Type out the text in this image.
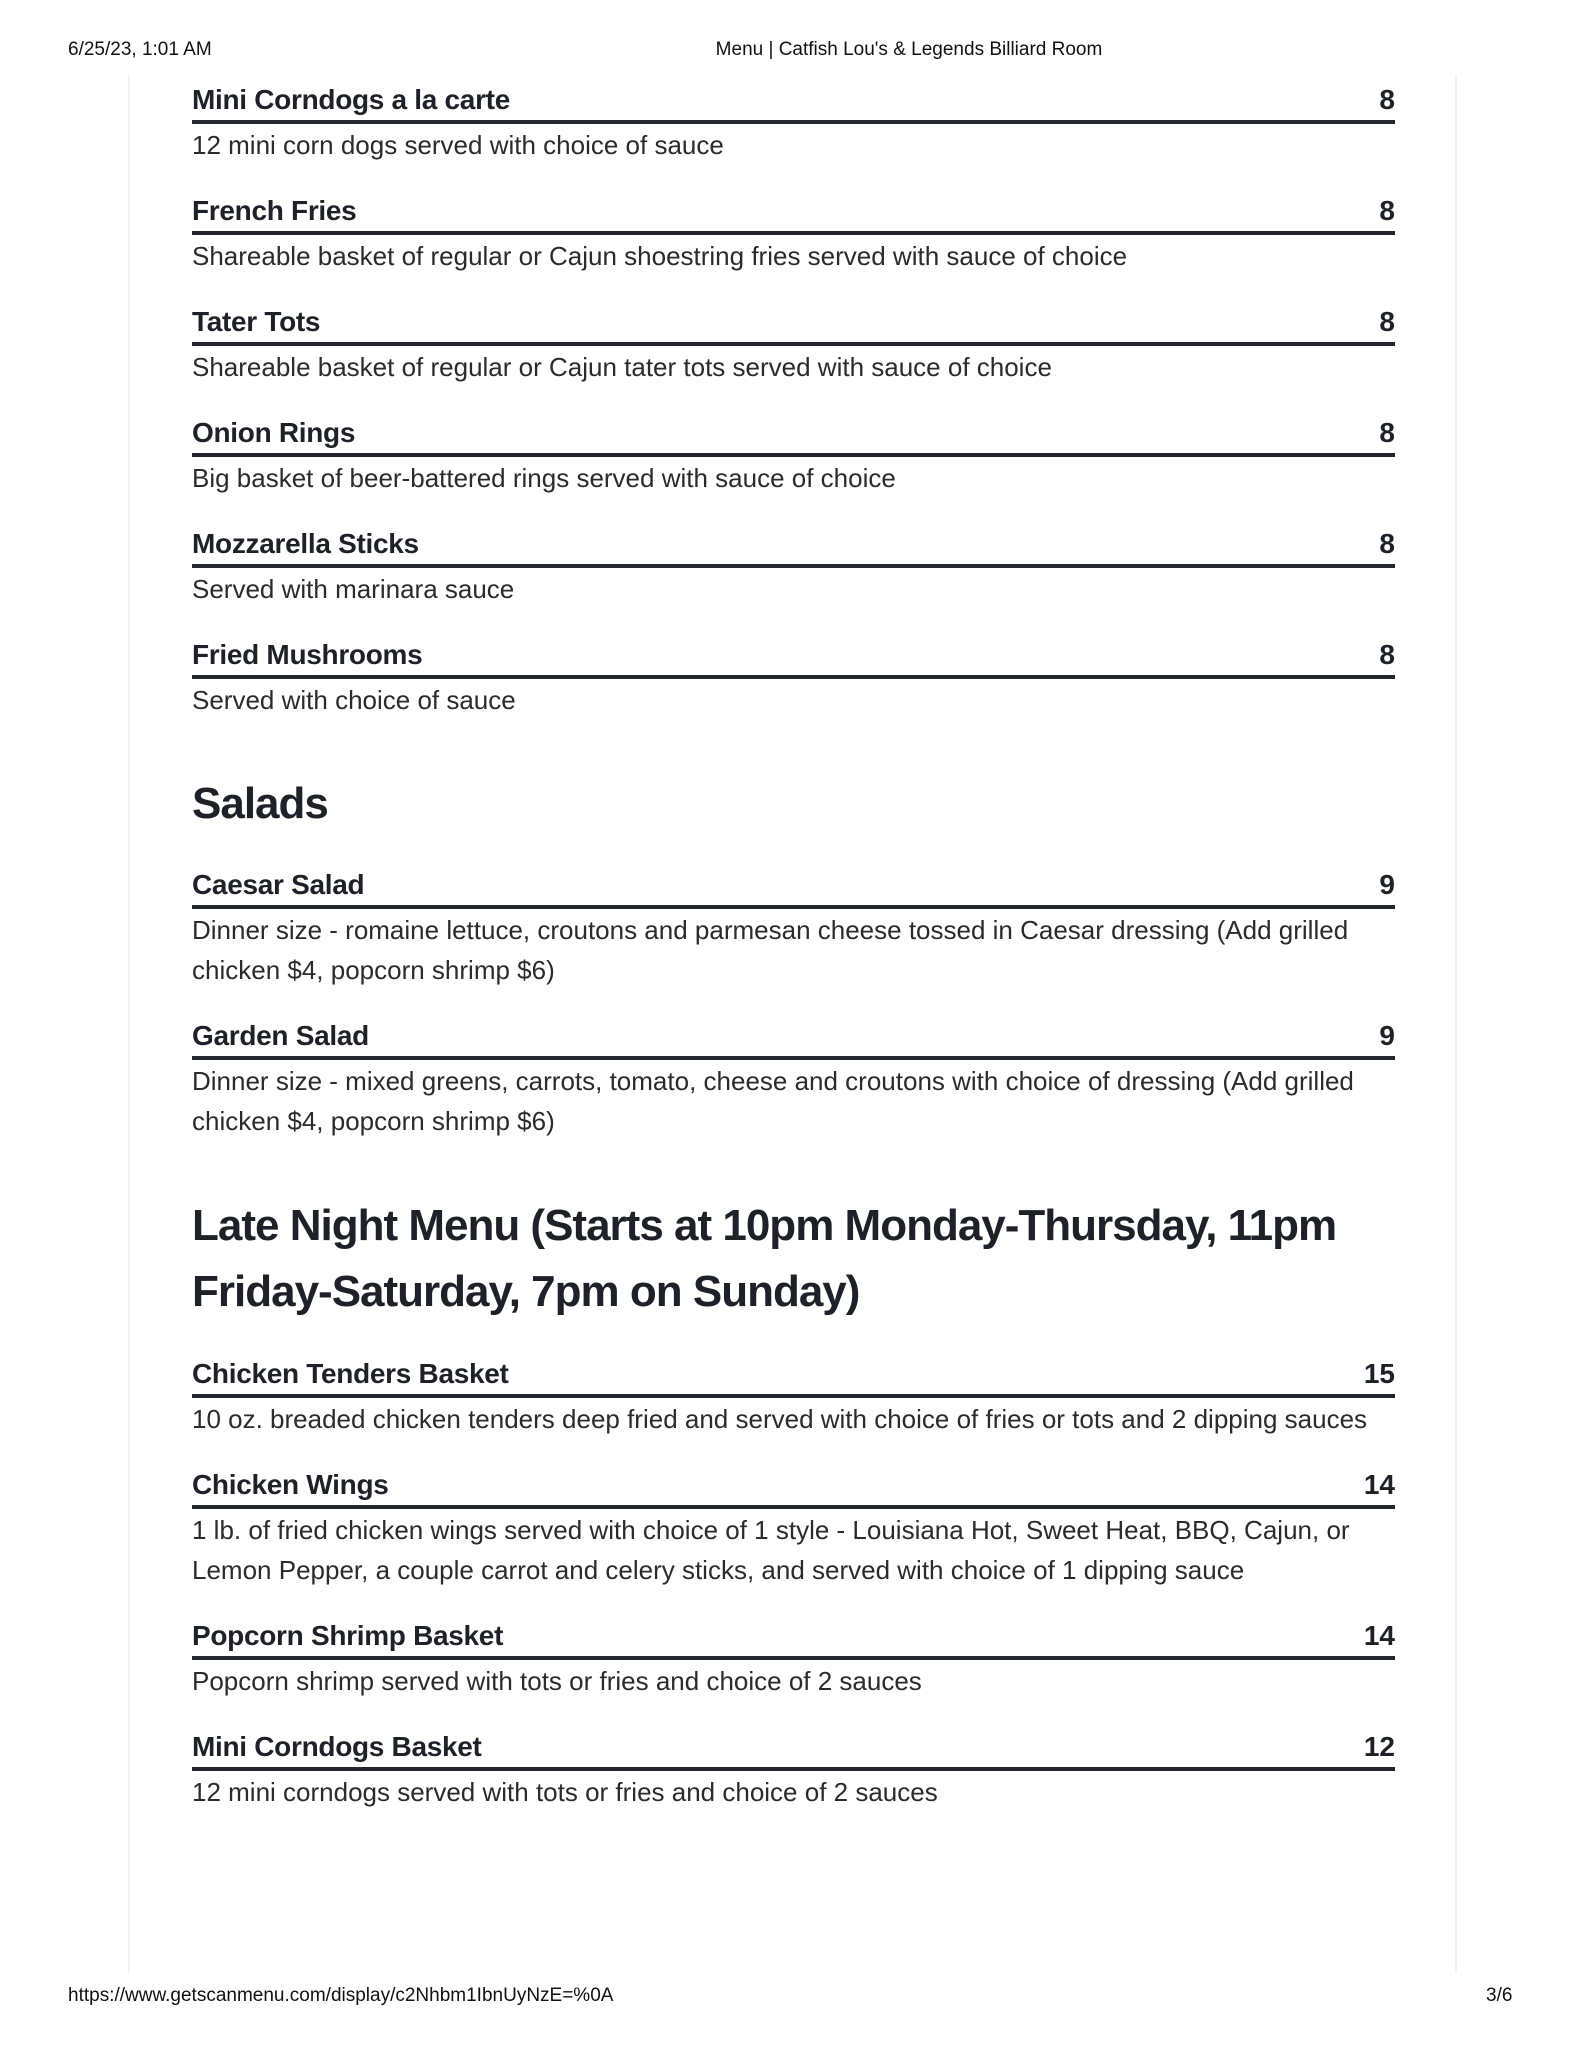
6/25/23, 1:01 AM	Menu | Catfish Lou's & Legends Billiard Room
Mini Corndogs a la carte	8
12 mini corn dogs served with choice of sauce
French Fries	8
Shareable basket of regular or Cajun shoestring fries served with sauce of choice
Tater Tots	8
Shareable basket of regular or Cajun tater tots served with sauce of choice
Onion Rings	8
Big basket of beer-battered rings served with sauce of choice
Mozzarella Sticks	8
Served with marinara sauce
Fried Mushrooms	8
Served with choice of sauce
Salads
Caesar Salad	9
Dinner size - romaine lettuce, croutons and parmesan cheese tossed in Caesar dressing (Add grilled chicken $4, popcorn shrimp $6)
Garden Salad	9
Dinner size - mixed greens, carrots, tomato, cheese and croutons with choice of dressing (Add grilled chicken $4, popcorn shrimp $6)
Late Night Menu (Starts at 10pm Monday-Thursday, 11pm Friday-Saturday, 7pm on Sunday)
Chicken Tenders Basket	15
10 oz. breaded chicken tenders deep fried and served with choice of fries or tots and 2 dipping sauces
Chicken Wings	14
1 lb. of fried chicken wings served with choice of 1 style - Louisiana Hot, Sweet Heat, BBQ, Cajun, or Lemon Pepper, a couple carrot and celery sticks, and served with choice of 1 dipping sauce
Popcorn Shrimp Basket	14
Popcorn shrimp served with tots or fries and choice of 2 sauces
Mini Corndogs Basket	12
12 mini corndogs served with tots or fries and choice of 2 sauces
https://www.getscanmenu.com/display/c2Nhbm1IbnUyNzE=%0A	3/6
